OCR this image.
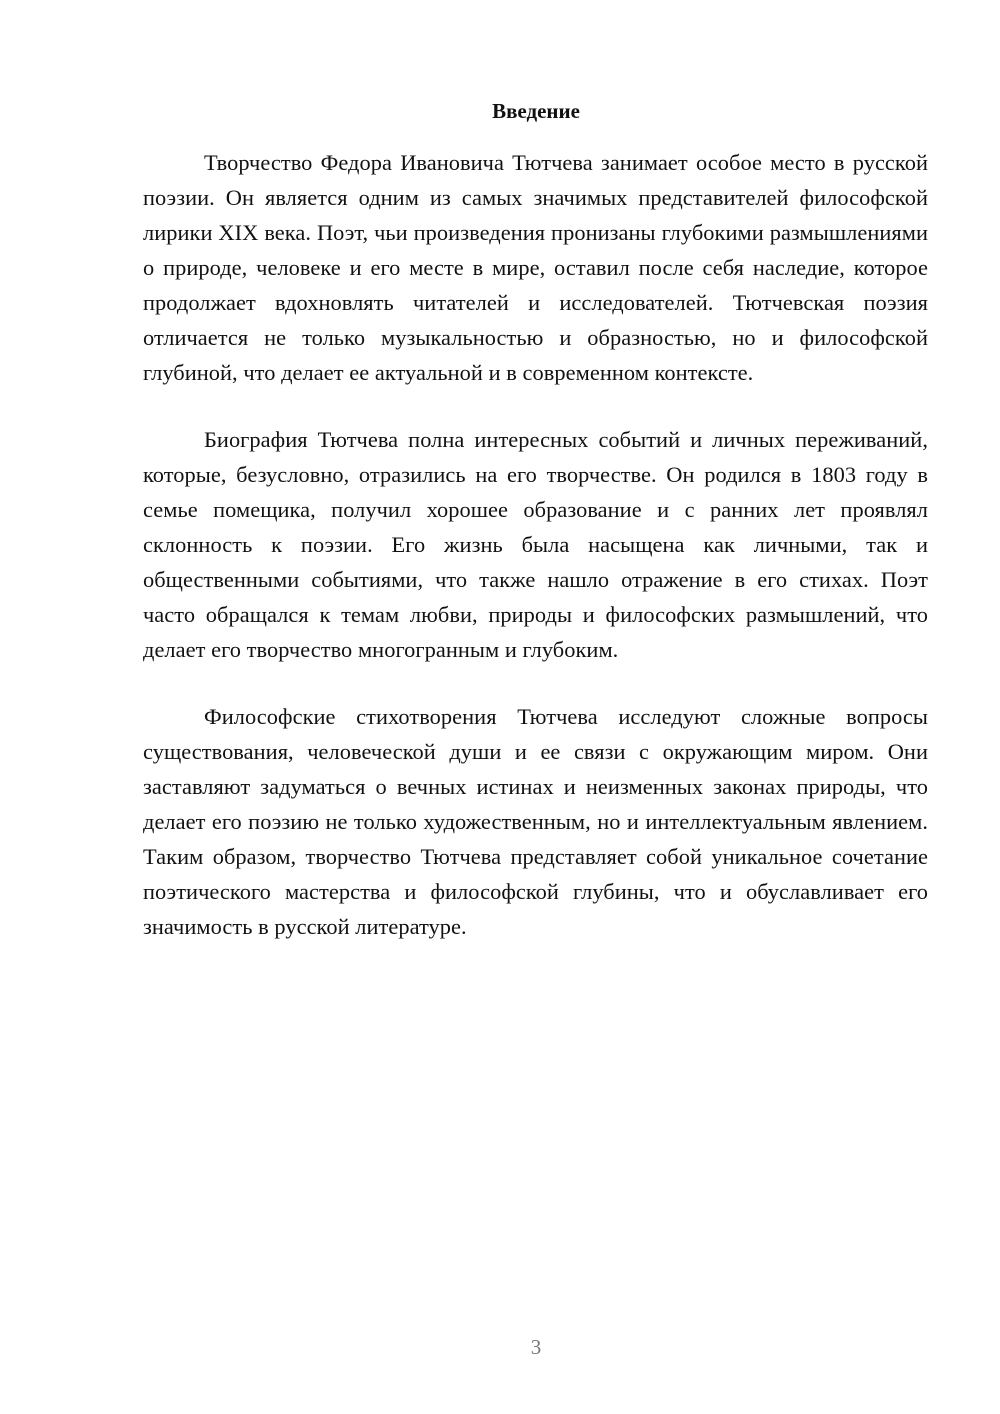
Введение

Творчество Федора Ивановича Тютчева занимает особое место в русской поэзии. Он является одним из самых значимых представителей философской лирики XIX века. Поэт, чьи произведения пронизаны глубокими размышлениями о природе, человеке и его месте в мире, оставил после себя наследие, которое продолжает вдохновлять читателей и исследователей. Тютчевская поэзия отличается не только музыкальностью и образностью, но и философской глубиной, что делает ее актуальной и в современном контексте.

Биография Тютчева полна интересных событий и личных переживаний, которые, безусловно, отразились на его творчестве. Он родился в 1803 году в семье помещика, получил хорошее образование и с ранних лет проявлял склонность к поэзии. Его жизнь была насыщена как личными, так и общественными событиями, что также нашло отражение в его стихах. Поэт часто обращался к темам любви, природы и философских размышлений, что делает его творчество многогранным и глубоким.

Философские стихотворения Тютчева исследуют сложные вопросы существования, человеческой души и ее связи с окружающим миром. Они заставляют задуматься о вечных истинах и неизменных законах природы, что делает его поэзию не только художественным, но и интеллектуальным явлением. Таким образом, творчество Тютчева представляет собой уникальное сочетание поэтического мастерства и философской глубины, что и обуславливает его значимость в русской литературе.

3
